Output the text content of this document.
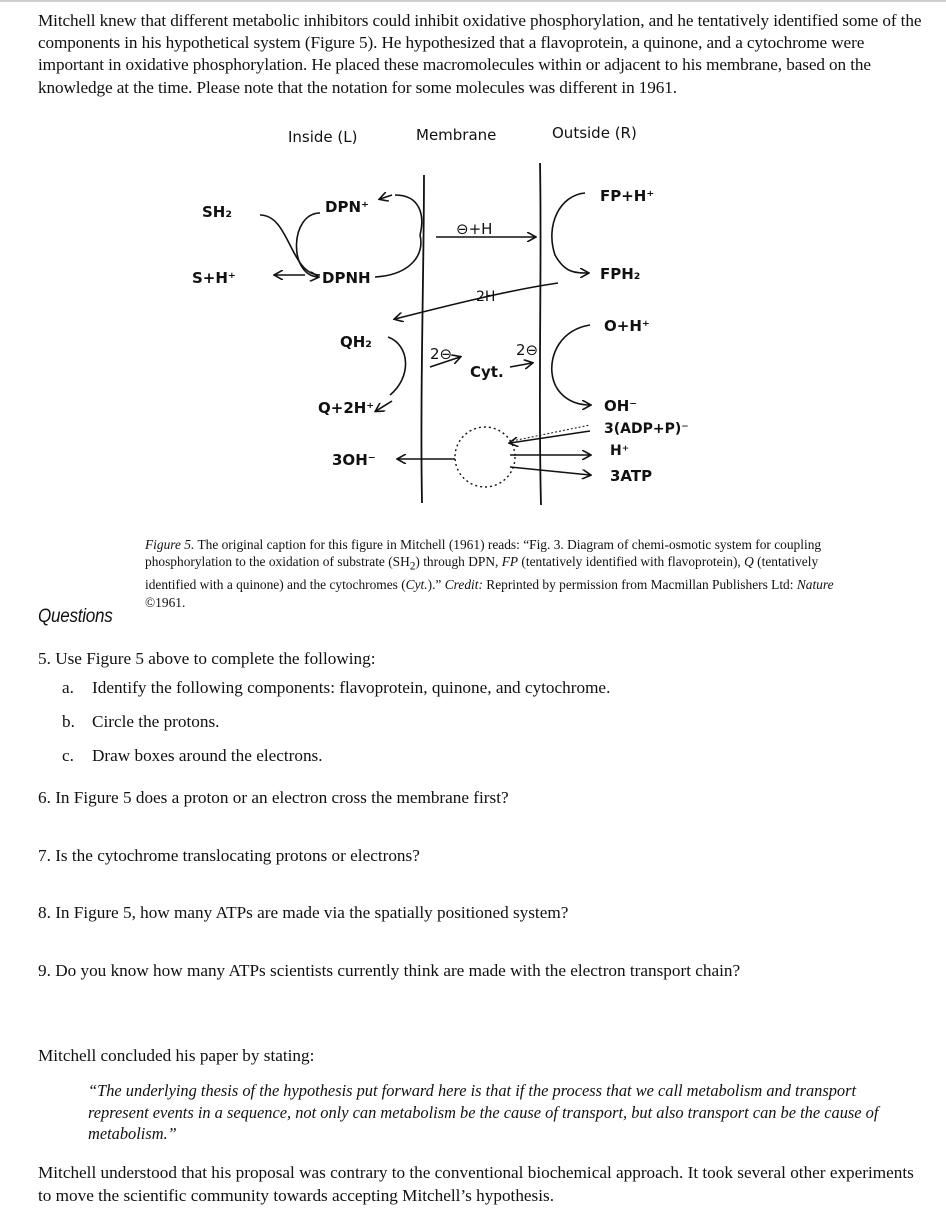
Mitchell knew that different metabolic inhibitors could inhibit oxidative phosphorylation, and he tentatively identified some of the components in his hypothetical system (Figure 5). He hypothesized that a flavoprotein, a quinone, and a cytochrome were important in oxidative phosphorylation. He placed these macromolecules within or adjacent to his membrane, based on the knowledge at the time. Please note that the notation for some molecules was different in 1961.

Inside (L)	Membrane	Outside (R)
SH₂
S+H⁺
DPN⁺
DPNH
QH₂
Q+2H⁺
3OH⁻
FP+H⁺
FPH₂
O+H⁺
OH⁻
3(ADP+P)⁻
H⁺
3ATP
⊖+H
2H
2⊖	2⊖
Cyt.

Figure 5. The original caption for this figure in Mitchell (1961) reads: “Fig. 3. Diagram of chemi-osmotic system for coupling phosphorylation to the oxidation of substrate $(SH_2)$ through DPN, FP (tentatively identified with flavoprotein), Q (tentatively identified with a quinone) and the cytochromes (Cyt.).” Credit: Reprinted by permission from Macmillan Publishers Ltd: Nature ©1961.

Questions

5. Use Figure 5 above to complete the following:

a. Identify the following components: flavoprotein, quinone, and cytochrome.

b. Circle the protons.

c. Draw boxes around the electrons.

6. In Figure 5 does a proton or an electron cross the membrane first?

7. Is the cytochrome translocating protons or electrons?

8. In Figure 5, how many ATPs are made via the spatially positioned system?

9. Do you know how many ATPs scientists currently think are made with the electron transport chain?

Mitchell concluded his paper by stating:

“The underlying thesis of the hypothesis put forward here is that if the process that we call metabolism and transport represent events in a sequence, not only can metabolism be the cause of transport, but also transport can be the cause of metabolism.”

Mitchell understood that his proposal was contrary to the conventional biochemical approach. It took several other experiments to move the scientific community towards accepting Mitchell’s hypothesis.
